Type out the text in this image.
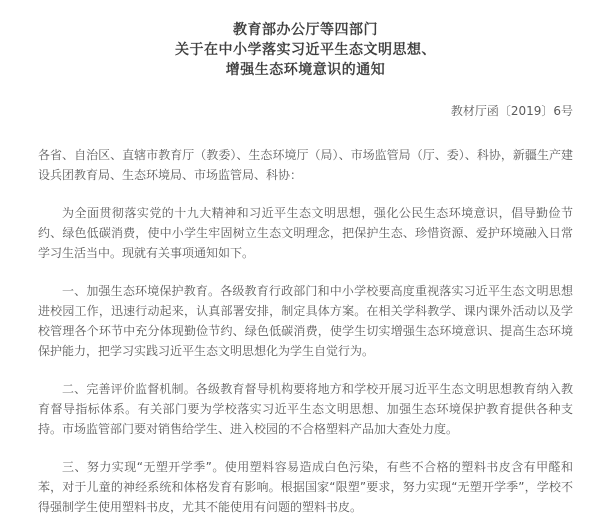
教育部办公厅等四部门
关于在中小学落实习近平生态文明思想、
增强生态环境意识的通知
教材厅函〔2019〕6号

各省、自治区、直辖市教育厅（教委）、生态环境厅（局）、市场监管局（厅、委）、科协，新疆生产建设兵团教育局、生态环境局、市场监管局、科协：

为全面贯彻落实党的十九大精神和习近平生态文明思想，强化公民生态环境意识，倡导勤俭节约、绿色低碳消费，使中小学生牢固树立生态文明理念，把保护生态、珍惜资源、爱护环境融入日常学习生活当中。现就有关事项通知如下。

一、加强生态环境保护教育。各级教育行政部门和中小学校要高度重视落实习近平生态文明思想进校园工作，迅速行动起来，认真部署安排，制定具体方案。在相关学科教学、课内课外活动以及学校管理各个环节中充分体现勤俭节约、绿色低碳消费，使学生切实增强生态环境意识、提高生态环境保护能力，把学习实践习近平生态文明思想化为学生自觉行为。

二、完善评价监督机制。各级教育督导机构要将地方和学校开展习近平生态文明思想教育纳入教育督导指标体系。有关部门要为学校落实习近平生态文明思想、加强生态环境保护教育提供各种支持。市场监管部门要对销售给学生、进入校园的不合格塑料产品加大查处力度。

三、努力实现“无塑开学季”。使用塑料容易造成白色污染，有些不合格的塑料书皮含有甲醛和苯，对于儿童的神经系统和体格发育有影响。根据国家“限塑”要求，努力实现“无塑开学季”，学校不得强制学生使用塑料书皮，尤其不能使用有问题的塑料书皮。
